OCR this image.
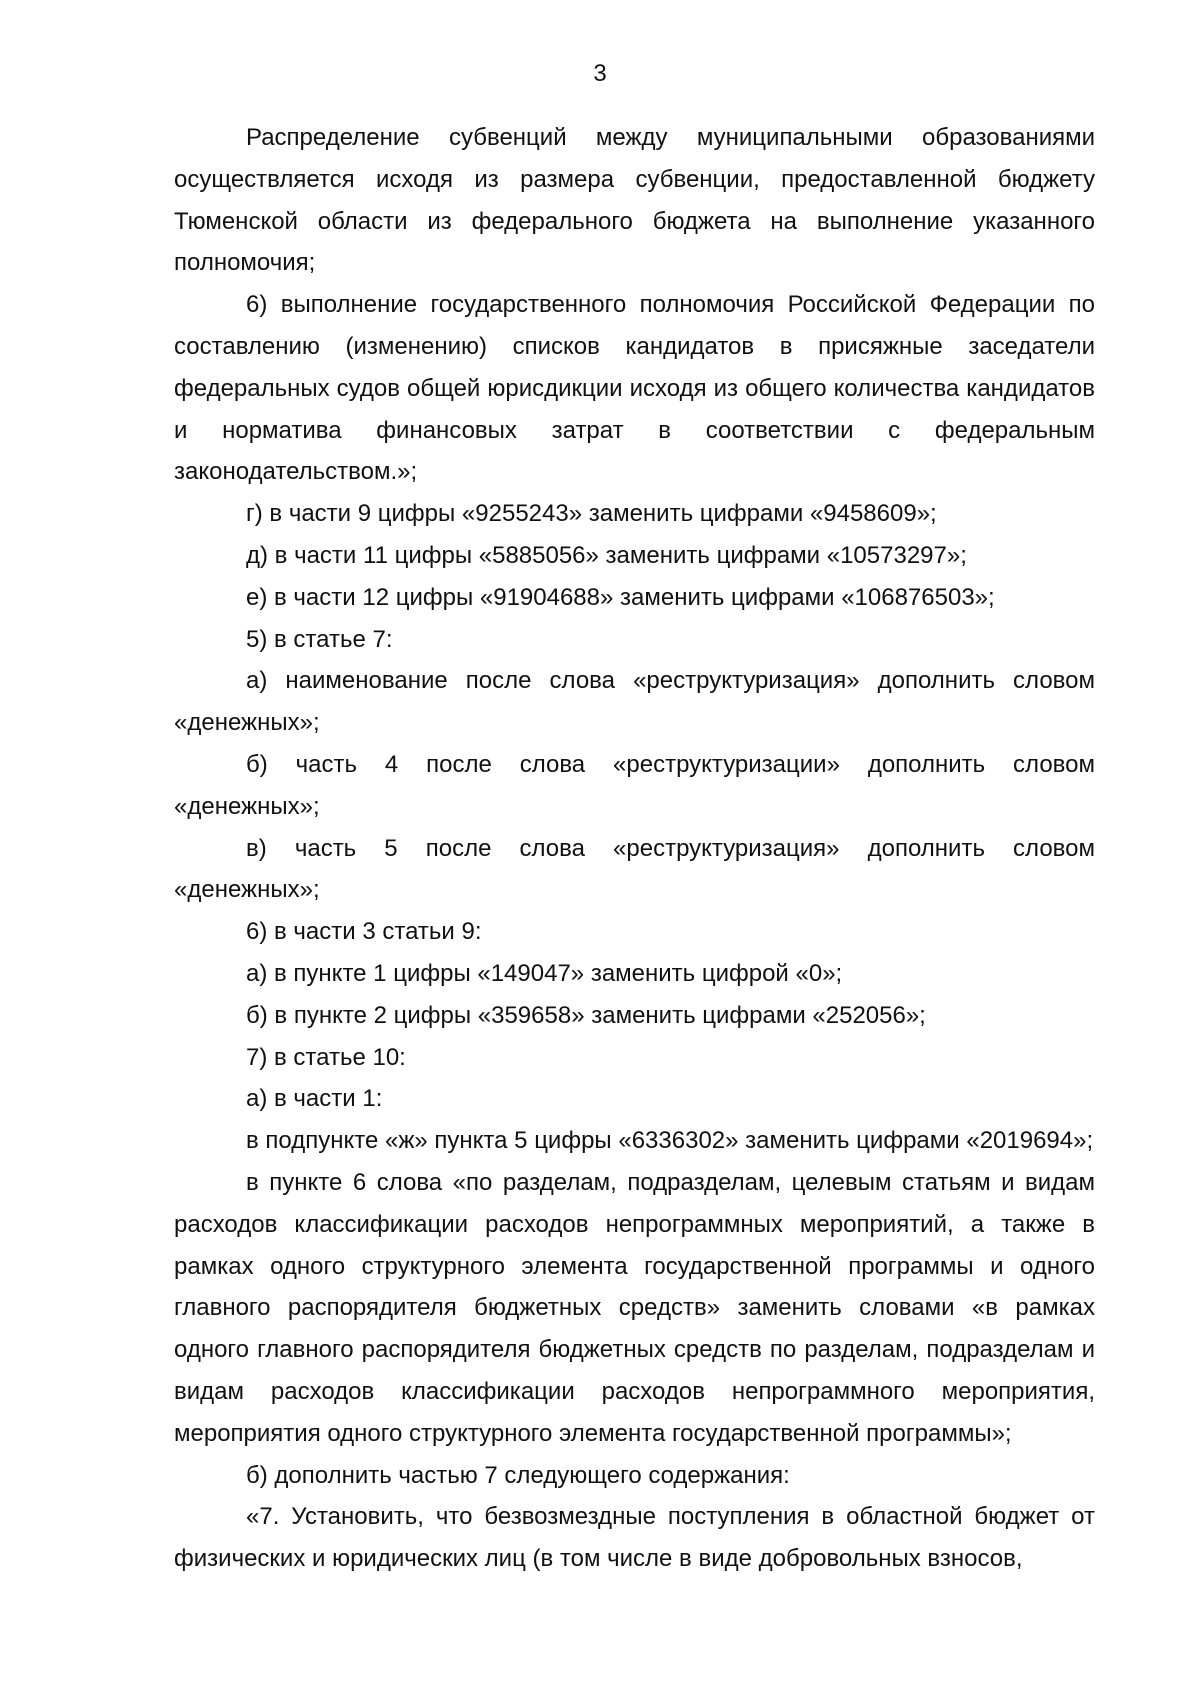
3

Распределение субвенций между муниципальными образованиями осуществляется исходя из размера субвенции, предоставленной бюджету Тюменской области из федерального бюджета на выполнение указанного полномочия;

6) выполнение государственного полномочия Российской Федерации по составлению (изменению) списков кандидатов в присяжные заседатели федеральных судов общей юрисдикции исходя из общего количества кандидатов и норматива финансовых затрат в соответствии с федеральным законодательством.»;

г) в части 9 цифры «9255243» заменить цифрами «9458609»;

д) в части 11 цифры «5885056» заменить цифрами «10573297»;

е) в части 12 цифры «91904688» заменить цифрами «106876503»;

5) в статье 7:

а) наименование после слова «реструктуризация» дополнить словом «денежных»;

б) часть 4 после слова «реструктуризации» дополнить словом «денежных»;

в) часть 5 после слова «реструктуризация» дополнить словом «денежных»;

6) в части 3 статьи 9:

а) в пункте 1 цифры «149047» заменить цифрой «0»;

б) в пункте 2 цифры «359658» заменить цифрами «252056»;

7) в статье 10:

а) в части 1:

в подпункте «ж» пункта 5 цифры «6336302» заменить цифрами «2019694»;

в пункте 6 слова «по разделам, подразделам, целевым статьям и видам расходов классификации расходов непрограммных мероприятий, а также в рамках одного структурного элемента государственной программы и одного главного распорядителя бюджетных средств» заменить словами «в рамках одного главного распорядителя бюджетных средств по разделам, подразделам и видам расходов классификации расходов непрограммного мероприятия, мероприятия одного структурного элемента государственной программы»;

б) дополнить частью 7 следующего содержания:

«7. Установить, что безвозмездные поступления в областной бюджет от физических и юридических лиц (в том числе в виде добровольных взносов,
